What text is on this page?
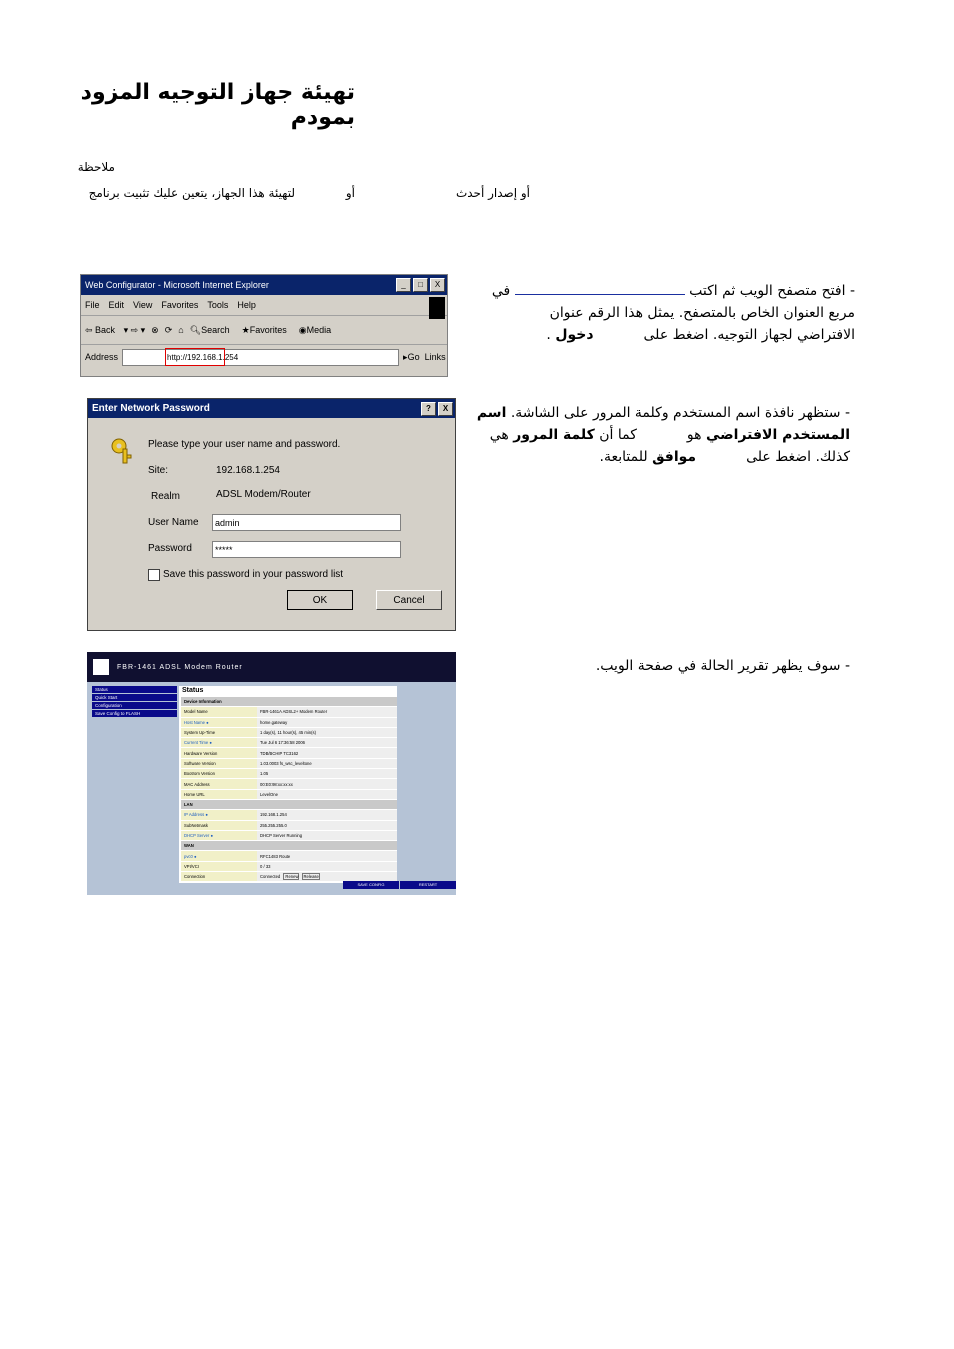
تهيئة جهاز التوجيه المزود بمودم
ملاحظة
لتهيئة هذا الجهاز، يتعين عليك تثبيت برنامج	أو	أو إصدار أحدث
- افتح متصفح الويب ثم اكتب  في
مربع العنوان الخاص بالمتصفح. يمثل هذا الرقم عنوان
الافتراضي لجهاز التوجيه. اضغط علىدخول .
- ستظهر نافذة اسم المستخدم وكلمة المرور على الشاشة. اسم
المستخدم الافتراضي هوكما أن كلمة المرور هي
كذلك. اضغط علىموافق للمتابعة.
- سوف يظهر تقرير الحالة في صفحة الويب.
Web Configurator - Microsoft Internet Explorer	_	□	X
File Edit View Favorites Tools Help
⇦ Back ▾ ⇨ ▾ ⊗ ⟳ ⌂ 🔍︎Search	★Favorites	◉Media
Address	http://192.168.1.254	▸Go Links
Enter Network Password	?	X
Please type your user name and password.
Site:	192.168.1.254
Realm	ADSL Modem/Router
User Name	admin
Password	*****
Save this password in your password list
OK	Cancel
FBR-1461 ADSL Modem Router
Status
Quick Start
Configuration
Save Config to FLASH
Status
Device Information	
Model Name	FBR-1461A ADSL2+ Modem Router
Host Name ●	home.gateway
System Up-Time	1 day(s), 11 hour(s), 45 min(s)
Current Time ●	Tue Jul 6 17:36:58 2006
Hardware Version	TDB/BCHIP TC3162
Software Version	1.03.0003 fs_wsc_leveltone
Bootrom Version	1.05
MAC Address	00:E0:98:xx:xx:xx
Home URL	LevelOne
LAN	
IP Address ●	192.168.1.254
SubNetmask	255.255.255.0
DHCP Server ●	DHCP Server Running
WAN	
pvc0 ●	RFC1483 Route
VPI/VCI	0 / 33
Connection	Connected Renew Release
SAVE CONFIG	RESTART
